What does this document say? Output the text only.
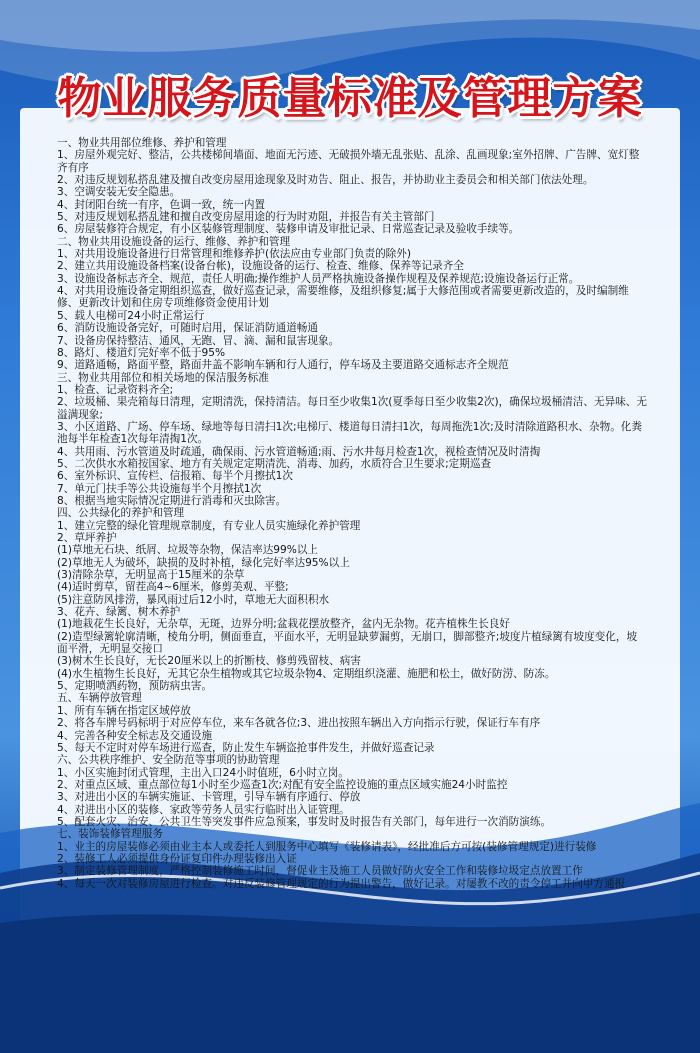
物业服务质量标准及管理方案
一、物业共用部位维修、养护和管理
1、房屋外观完好、整洁，公共楼梯间墙面、地面无污迹、无破损外墙无乱张贴、乱涂、乱画现象;室外招牌、广告牌、宽灯整齐有序
2、对违反规划私搭乱建及擅自改变房屋用途现象及时劝告、阻止、报告，并协助业主委员会和相关部门依法处理。
3、空调安装无安全隐患。
4、封闭阳台统一有序，色调一致，统一内置
5、对违反规划私搭乱建和擅自改变房屋用途的行为时劝阻，并报告有关主管部门
6、房屋装修符合规定，有小区装修管理制度、装修申请及审批记录、日常巡查记录及验收手续等。
二、物业共用设施设备的运行、维修、养护和管理
1、对共用设施设备进行日常管理和维修养护(依法应由专业部门负责的除外)
2、建立共用设施设备档案(设备台帐)，设施设备的运行、检查、维修、保养等记录齐全
3、设施设备标志齐全、规范，责任人明确;操作维护人员严格执施设备操作规程及保养规范;设施设备运行正常。
4、对共用设施设备定期组织巡查，做好巡查记录，需要维修，及组织修复;属于大修范围或者需要更新改造的，及时编制维修、更新改计划和住房专项维修资金使用计划
5、载人电梯可24小时正常运行
6、消防设施设备完好，可随时启用，保证消防通道畅通
7、设备房保持整洁、通风，无跑、冒、滴、漏和鼠害现象。
8、路灯、楼道灯完好率不低于95%
9、道路通畅，路面平整，路面井盖不影响车辆和行人通行，停车场及主要道路交通标志齐全规范
三、物业共用部位和相关场地的保洁服务标准
1、检查、记录资料齐全;
2、垃圾桶、果壳箱每日清理，定期清洗，保持清洁。每日至少收集1次(夏季每日至少收集2次)，确保垃圾桶清洁、无异味、无溢满现象;
3、小区道路、广场、停车场、绿地等每日清扫1次;电梯厅、楼道每日清扫1次，每周拖洗1次;及时清除道路积水、杂物。化粪池每半年检查1次每年清掏1次。
4、共用雨、污水管道及时疏通，确保雨、污水管道畅通;雨、污水井每月检查1次，视检查情况及时清掏
5、二次供水水箱按国家、地方有关规定定期清洗、消毒、加药，水质符合卫生要求;定期巡查
6、室外标识、宣传栏、信报箱、每半个月擦拭1次
7、单元门扶手等公共设施每半个月擦拭1次
8、根据当地实际情况定期进行消毒和灭虫除害。
四、公共绿化的养护和管理
1、建立完整的绿化管理规章制度，有专业人员实施绿化养护管理
2、草坪养护
(1)草地无石块、纸屑、垃圾等杂物，保洁率达99%以上
(2)草地无人为破坏，缺损的及时补植，绿化完好率达95%以上
(3)清除杂草，无明显高于15厘米的杂草
(4)适时剪草，留茬高4~6厘米，修剪美观、平整;
(5)注意防风排涝，暴风雨过后12小时，草地无大面积积水
3、花卉、绿篱、树木养护
(1)地栽花生长良好，无杂草，无斑，边界分明;盆栽花摆放整齐，盆内无杂物。花卉植株生长良好
(2)造型绿篱轮廓清晰，棱角分明，侧面垂直，平面水平，无明显缺萝漏剪，无崩口，脚部整齐;坡度片植绿篱有坡度变化，坡面平滑，无明显交接口
(3)树木生长良好，无长20厘米以上的折断枝、修剪残留枝、病害
(4)水生植物生长良好，无其它杂生植物或其它垃圾杂物4、定期组织浇灌、施肥和松土，做好防涝、防冻。
5、定期喷洒药物，预防病虫害。
五、车辆停放管理
1、所有车辆在指定区域停放
2、将各车牌号码标明于对应停车位，来车各就各位;3、进出按照车辆出入方向指示行驶，保证行车有序
4、完善各种安全标志及交通设施
5、每天不定时对停车场进行巡查，防止发生车辆盗抢事件发生，并做好巡查记录
六、公共秩序维护、安全防范等事项的协助管理
1、小区实施封闭式管理，主出入口24小时值班，6小时立岗。
2、对重点区域、重点部位每1小时至少巡查1次;对配有安全监控设施的重点区域实施24小时监控
3、对进出小区的车辆实施证、卡管理，引导车辆有序通行、停放
4、对进出小区的装修、家政等劳务人员实行临时出入证管理。
5、配套火灾、治安、公共卫生等突发事件应急预案，事发时及时报告有关部门，每年进行一次消防演练。
七、装饰装修管理服务
1、业主的房屋装修必须由业主本人或委托人到服务中心填写《装修请表》，经批准后方可按(装修管理规定)进行装修
2、装修工人必须提供身份证复印件办理装修出入证
3、制定装修管理制度，严格控制装修施工时间，督促业主及施工人员做好防火安全工作和装修垃圾定点放置工作
4、每天一次对装修房屋进行检查。对违反装修管理规定的行为提出警告，做好记录。对屡教不改的责令停工并向甲方通报
